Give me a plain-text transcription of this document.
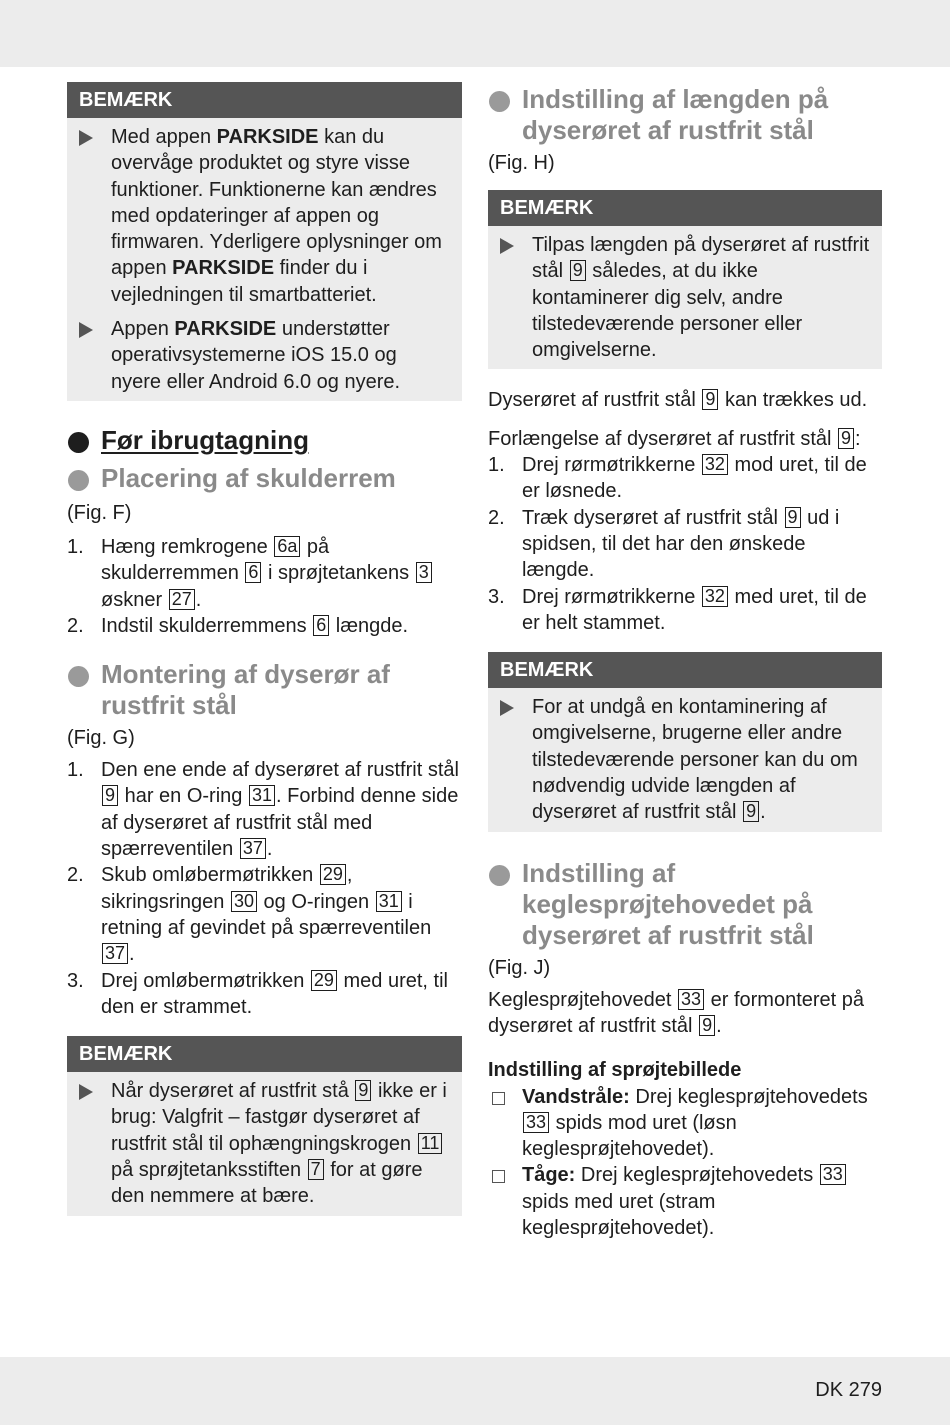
BEMÆRK
Med appen PARKSIDE kan du overvåge produktet og styre visse funktioner. Funktionerne kan ændres med opdateringer af appen og firmwaren. Yderligere oplysninger om appen PARKSIDE finder du i vejledningen til smartbatteriet.
Appen PARKSIDE understøtter operativsystemerne iOS 15.0 og nyere eller Android 6.0 og nyere.
Før ibrugtagning
Placering af skulderrem
(Fig. F)
1. Hæng remkrogene 6a på skulderremmen 6 i sprøjtetankens 3 øskner 27 .
2. Indstil skulderremmens 6 længde.
Montering af dyserør af
rustfrit stål
(Fig. G)
1. Den ene ende af dyserøret af rustfrit stål 9 har en O-ring 31 . Forbind denne side af dyserøret af rustfrit stål med spærreventilen 37 .
2. Skub omløbermøtrikken 29 , sikringsringen 30 og O-ringen 31 i retning af gevindet på spærreventilen 37 .
3. Drej omløbermøtrikken 29 med uret, til den er strammet.
BEMÆRK
Når dyserøret af rustfrit stå 9 ikke er i brug: Valgfrit – fastgør dyserøret af rustfrit stål til ophængningskrogen 11 på sprøjtetanksstiften 7 for at gøre den nemmere at bære.
Indstilling af længden på
dyserøret af rustfrit stål
(Fig. H)
BEMÆRK
Tilpas længden på dyserøret af rustfrit stål 9 således, at du ikke kontaminerer dig selv, andre tilstedeværende personer eller omgivelserne.
Dyserøret af rustfrit stål 9 kan trækkes ud.
Forlængelse af dyserøret af rustfrit stål 9 :
1. Drej rørmøtrikkerne 32 mod uret, til de er løsnede.
2. Træk dyserøret af rustfrit stål 9 ud i spidsen, til det har den ønskede længde.
3. Drej rørmøtrikkerne 32 med uret, til de er helt stammet.
BEMÆRK
For at undgå en kontaminering af omgivelserne, brugerne eller andre tilstedeværende personer kan du om nødvendig udvide længden af dyserøret af rustfrit stål 9 .
Indstilling af
keglesprøjtehovedet på
dyserøret af rustfrit stål
(Fig. J)
Keglesprøjtehovedet 33 er formonteret på dyserøret af rustfrit stål 9 .
Indstilling af sprøjtebillede
Vandstråle: Drej keglesprøjtehovedets 33 spids mod uret (løsn keglesprøjtehovedet).
Tåge: Drej keglesprøjtehovedets 33 spids med uret (stram keglesprøjtehovedet).
DK 279
